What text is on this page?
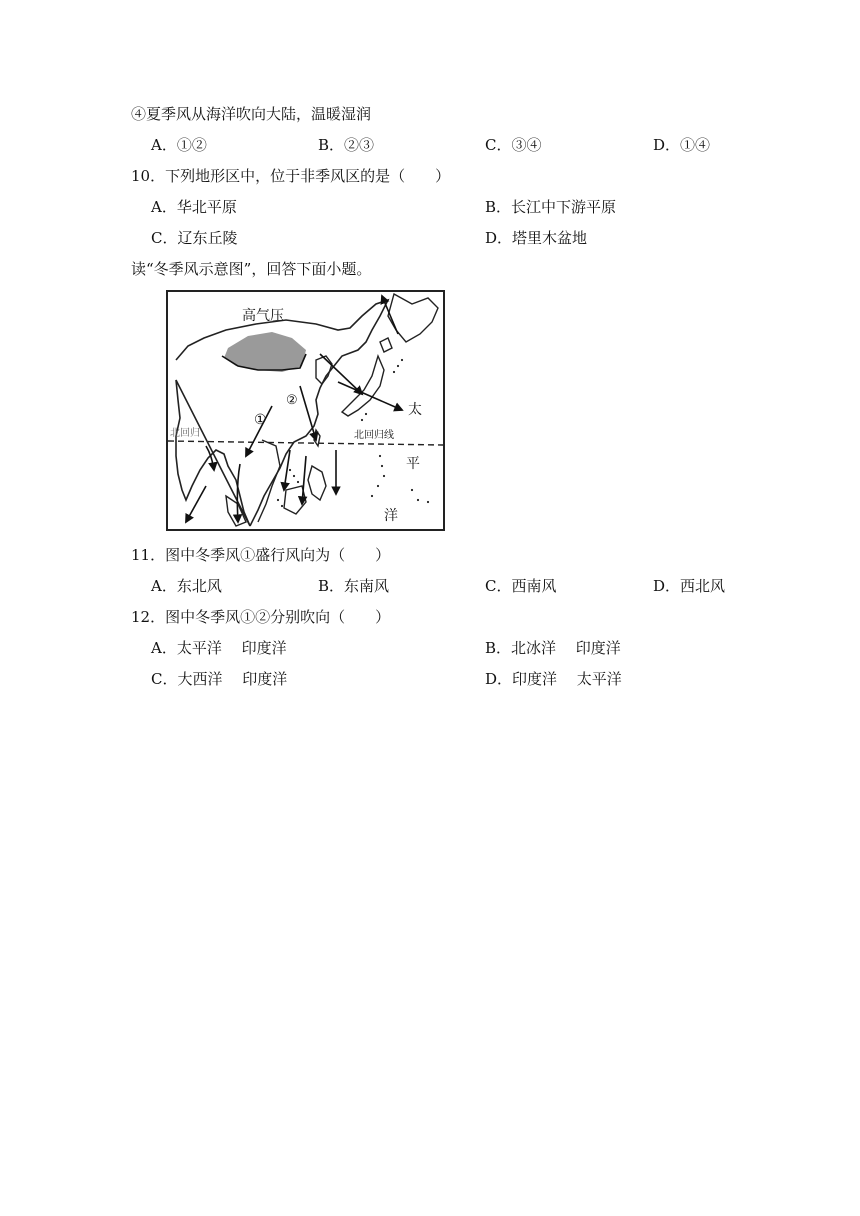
④夏季风从海洋吹向大陆，温暖湿润
A．①②	B．②③	C．③④	D．①④
10．下列地形区中，位于非季风区的是（　　）
A．华北平原	B．长江中下游平原
C．辽东丘陵	D．塔里木盆地
读“冬季风示意图”，回答下面小题。
高气压
北回归	北回归线
太
平
洋
①
②
11．图中冬季风①盛行风向为（　　）
A．东北风	B．东南风	C．西南风	D．西北风
12．图中冬季风①②分别吹向（　　）
A．太平洋　 印度洋	B．北冰洋　 印度洋
C．大西洋　 印度洋	D．印度洋　 太平洋
